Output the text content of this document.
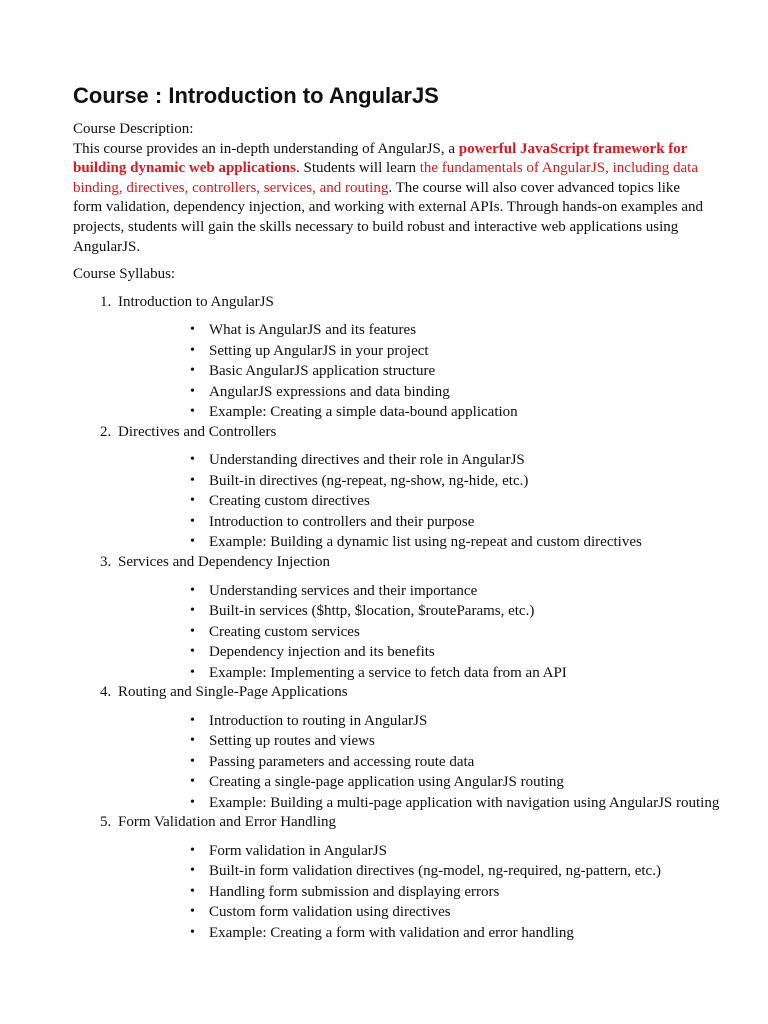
Course : Introduction to AngularJS

Course Description:

This course provides an in-depth understanding of AngularJS, a powerful JavaScript framework for building dynamic web applications. Students will learn the fundamentals of AngularJS, including data binding, directives, controllers, services, and routing. The course will also cover advanced topics like form validation, dependency injection, and working with external APIs. Through hands-on examples and projects, students will gain the skills necessary to build robust and interactive web applications using AngularJS.

Course Syllabus:

1. Introduction to AngularJS
• What is AngularJS and its features
• Setting up AngularJS in your project
• Basic AngularJS application structure
• AngularJS expressions and data binding
• Example: Creating a simple data-bound application
2. Directives and Controllers
• Understanding directives and their role in AngularJS
• Built-in directives (ng-repeat, ng-show, ng-hide, etc.)
• Creating custom directives
• Introduction to controllers and their purpose
• Example: Building a dynamic list using ng-repeat and custom directives
3. Services and Dependency Injection
• Understanding services and their importance
• Built-in services ($http, $location, $routeParams, etc.)
• Creating custom services
• Dependency injection and its benefits
• Example: Implementing a service to fetch data from an API
4. Routing and Single-Page Applications
• Introduction to routing in AngularJS
• Setting up routes and views
• Passing parameters and accessing route data
• Creating a single-page application using AngularJS routing
• Example: Building a multi-page application with navigation using AngularJS routing
5. Form Validation and Error Handling
• Form validation in AngularJS
• Built-in form validation directives (ng-model, ng-required, ng-pattern, etc.)
• Handling form submission and displaying errors
• Custom form validation using directives
• Example: Creating a form with validation and error handling
